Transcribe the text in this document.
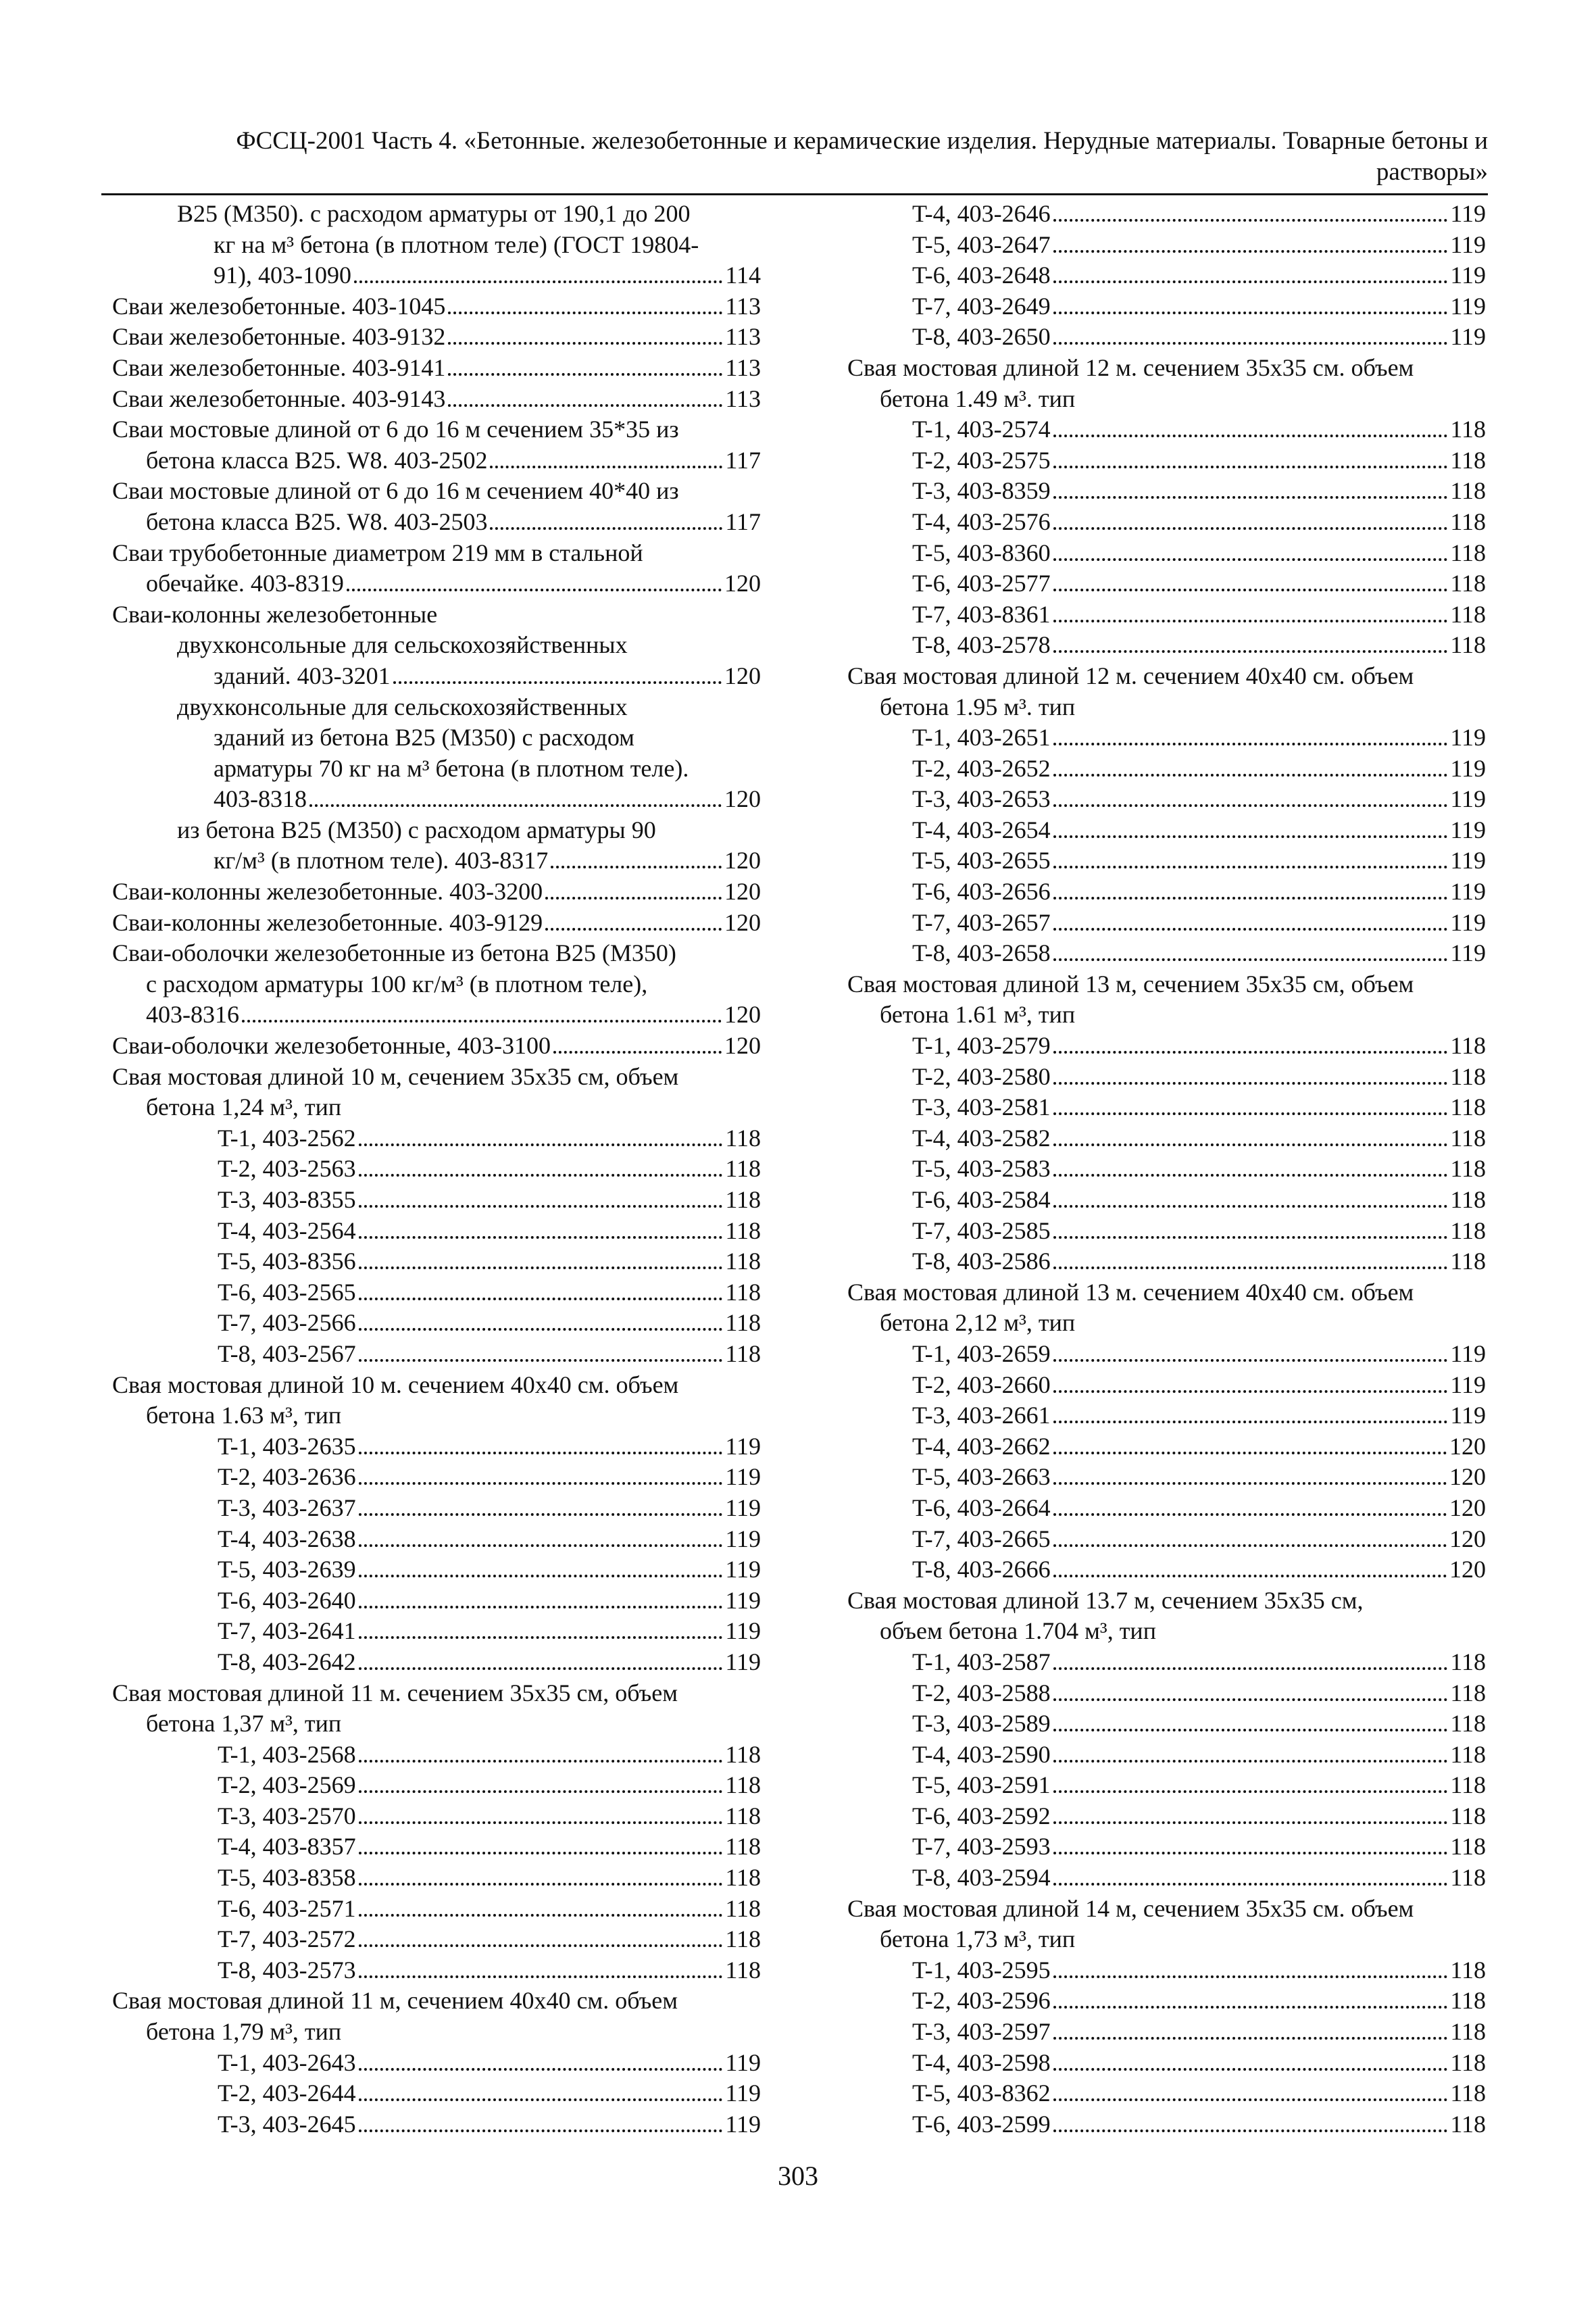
ФССЦ-2001 Часть 4. «Бетонные. железобетонные и керамические изделия. Нерудные материалы. Товарные бетоны и
растворы»
B25 (M350). с расходом арматуры от 190,1 до 200
кг на м³ бетона (в плотном теле) (ГОСТ 19804-
91), 403-1090	114
Сваи железобетонные. 403-1045	113
Сваи железобетонные. 403-9132	113
Сваи железобетонные. 403-9141	113
Сваи железобетонные. 403-9143	113
Сваи мостовые длиной от 6 до 16 м сечением 35*35 из
бетона класса B25. W8. 403-2502	117
Сваи мостовые длиной от 6 до 16 м сечением 40*40 из
бетона класса B25. W8. 403-2503	117
Сваи трубобетонные диаметром 219 мм в стальной
обечайке. 403-8319	120
Сваи-колонны железобетонные
двухконсольные для сельскохозяйственных
зданий. 403-3201	120
двухконсольные для сельскохозяйственных
зданий из бетона B25 (M350) с расходом
арматуры 70 кг на м³ бетона (в плотном теле).
403-8318	120
из бетона B25 (M350) с расходом арматуры 90
кг/м³ (в плотном теле). 403-8317	120
Сваи-колонны железобетонные. 403-3200	120
Сваи-колонны железобетонные. 403-9129	120
Сваи-оболочки железобетонные из бетона B25 (M350)
с расходом арматуры 100 кг/м³ (в плотном теле),
403-8316	120
Сваи-оболочки железобетонные, 403-3100	120
Свая мостовая длиной 10 м, сечением 35x35 см, объем
бетона 1,24 м³, тип
T-1, 403-2562	118
T-2, 403-2563	118
T-3, 403-8355	118
T-4, 403-2564	118
T-5, 403-8356	118
T-6, 403-2565	118
T-7, 403-2566	118
T-8, 403-2567	118
Свая мостовая длиной 10 м. сечением 40x40 см. объем
бетона 1.63 м³, тип
T-1, 403-2635	119
T-2, 403-2636	119
T-3, 403-2637	119
T-4, 403-2638	119
T-5, 403-2639	119
T-6, 403-2640	119
T-7, 403-2641	119
T-8, 403-2642	119
Свая мостовая длиной 11 м. сечением 35x35 см, объем
бетона 1,37 м³, тип
T-1, 403-2568	118
T-2, 403-2569	118
T-3, 403-2570	118
T-4, 403-8357	118
T-5, 403-8358	118
T-6, 403-2571	118
T-7, 403-2572	118
T-8, 403-2573	118
Свая мостовая длиной 11 м, сечением 40x40 см. объем
бетона 1,79 м³, тип
T-1, 403-2643	119
T-2, 403-2644	119
T-3, 403-2645	119
T-4, 403-2646	119
T-5, 403-2647	119
T-6, 403-2648	119
T-7, 403-2649	119
T-8, 403-2650	119
Свая мостовая длиной 12 м. сечением 35x35 см. объем
бетона 1.49 м³. тип
T-1, 403-2574	118
T-2, 403-2575	118
T-3, 403-8359	118
T-4, 403-2576	118
T-5, 403-8360	118
T-6, 403-2577	118
T-7, 403-8361	118
T-8, 403-2578	118
Свая мостовая длиной 12 м. сечением 40x40 см. объем
бетона 1.95 м³. тип
T-1, 403-2651	119
T-2, 403-2652	119
T-3, 403-2653	119
T-4, 403-2654	119
T-5, 403-2655	119
T-6, 403-2656	119
T-7, 403-2657	119
T-8, 403-2658	119
Свая мостовая длиной 13 м, сечением 35x35 см, объем
бетона 1.61 м³, тип
T-1, 403-2579	118
T-2, 403-2580	118
T-3, 403-2581	118
T-4, 403-2582	118
T-5, 403-2583	118
T-6, 403-2584	118
T-7, 403-2585	118
T-8, 403-2586	118
Свая мостовая длиной 13 м. сечением 40x40 см. объем
бетона 2,12 м³, тип
T-1, 403-2659	119
T-2, 403-2660	119
T-3, 403-2661	119
T-4, 403-2662	120
T-5, 403-2663	120
T-6, 403-2664	120
T-7, 403-2665	120
T-8, 403-2666	120
Свая мостовая длиной 13.7 м, сечением 35x35 см,
объем бетона 1.704 м³, тип
T-1, 403-2587	118
T-2, 403-2588	118
T-3, 403-2589	118
T-4, 403-2590	118
T-5, 403-2591	118
T-6, 403-2592	118
T-7, 403-2593	118
T-8, 403-2594	118
Свая мостовая длиной 14 м, сечением 35x35 см. объем
бетона 1,73 м³, тип
T-1, 403-2595	118
T-2, 403-2596	118
T-3, 403-2597	118
T-4, 403-2598	118
T-5, 403-8362	118
T-6, 403-2599	118
303
